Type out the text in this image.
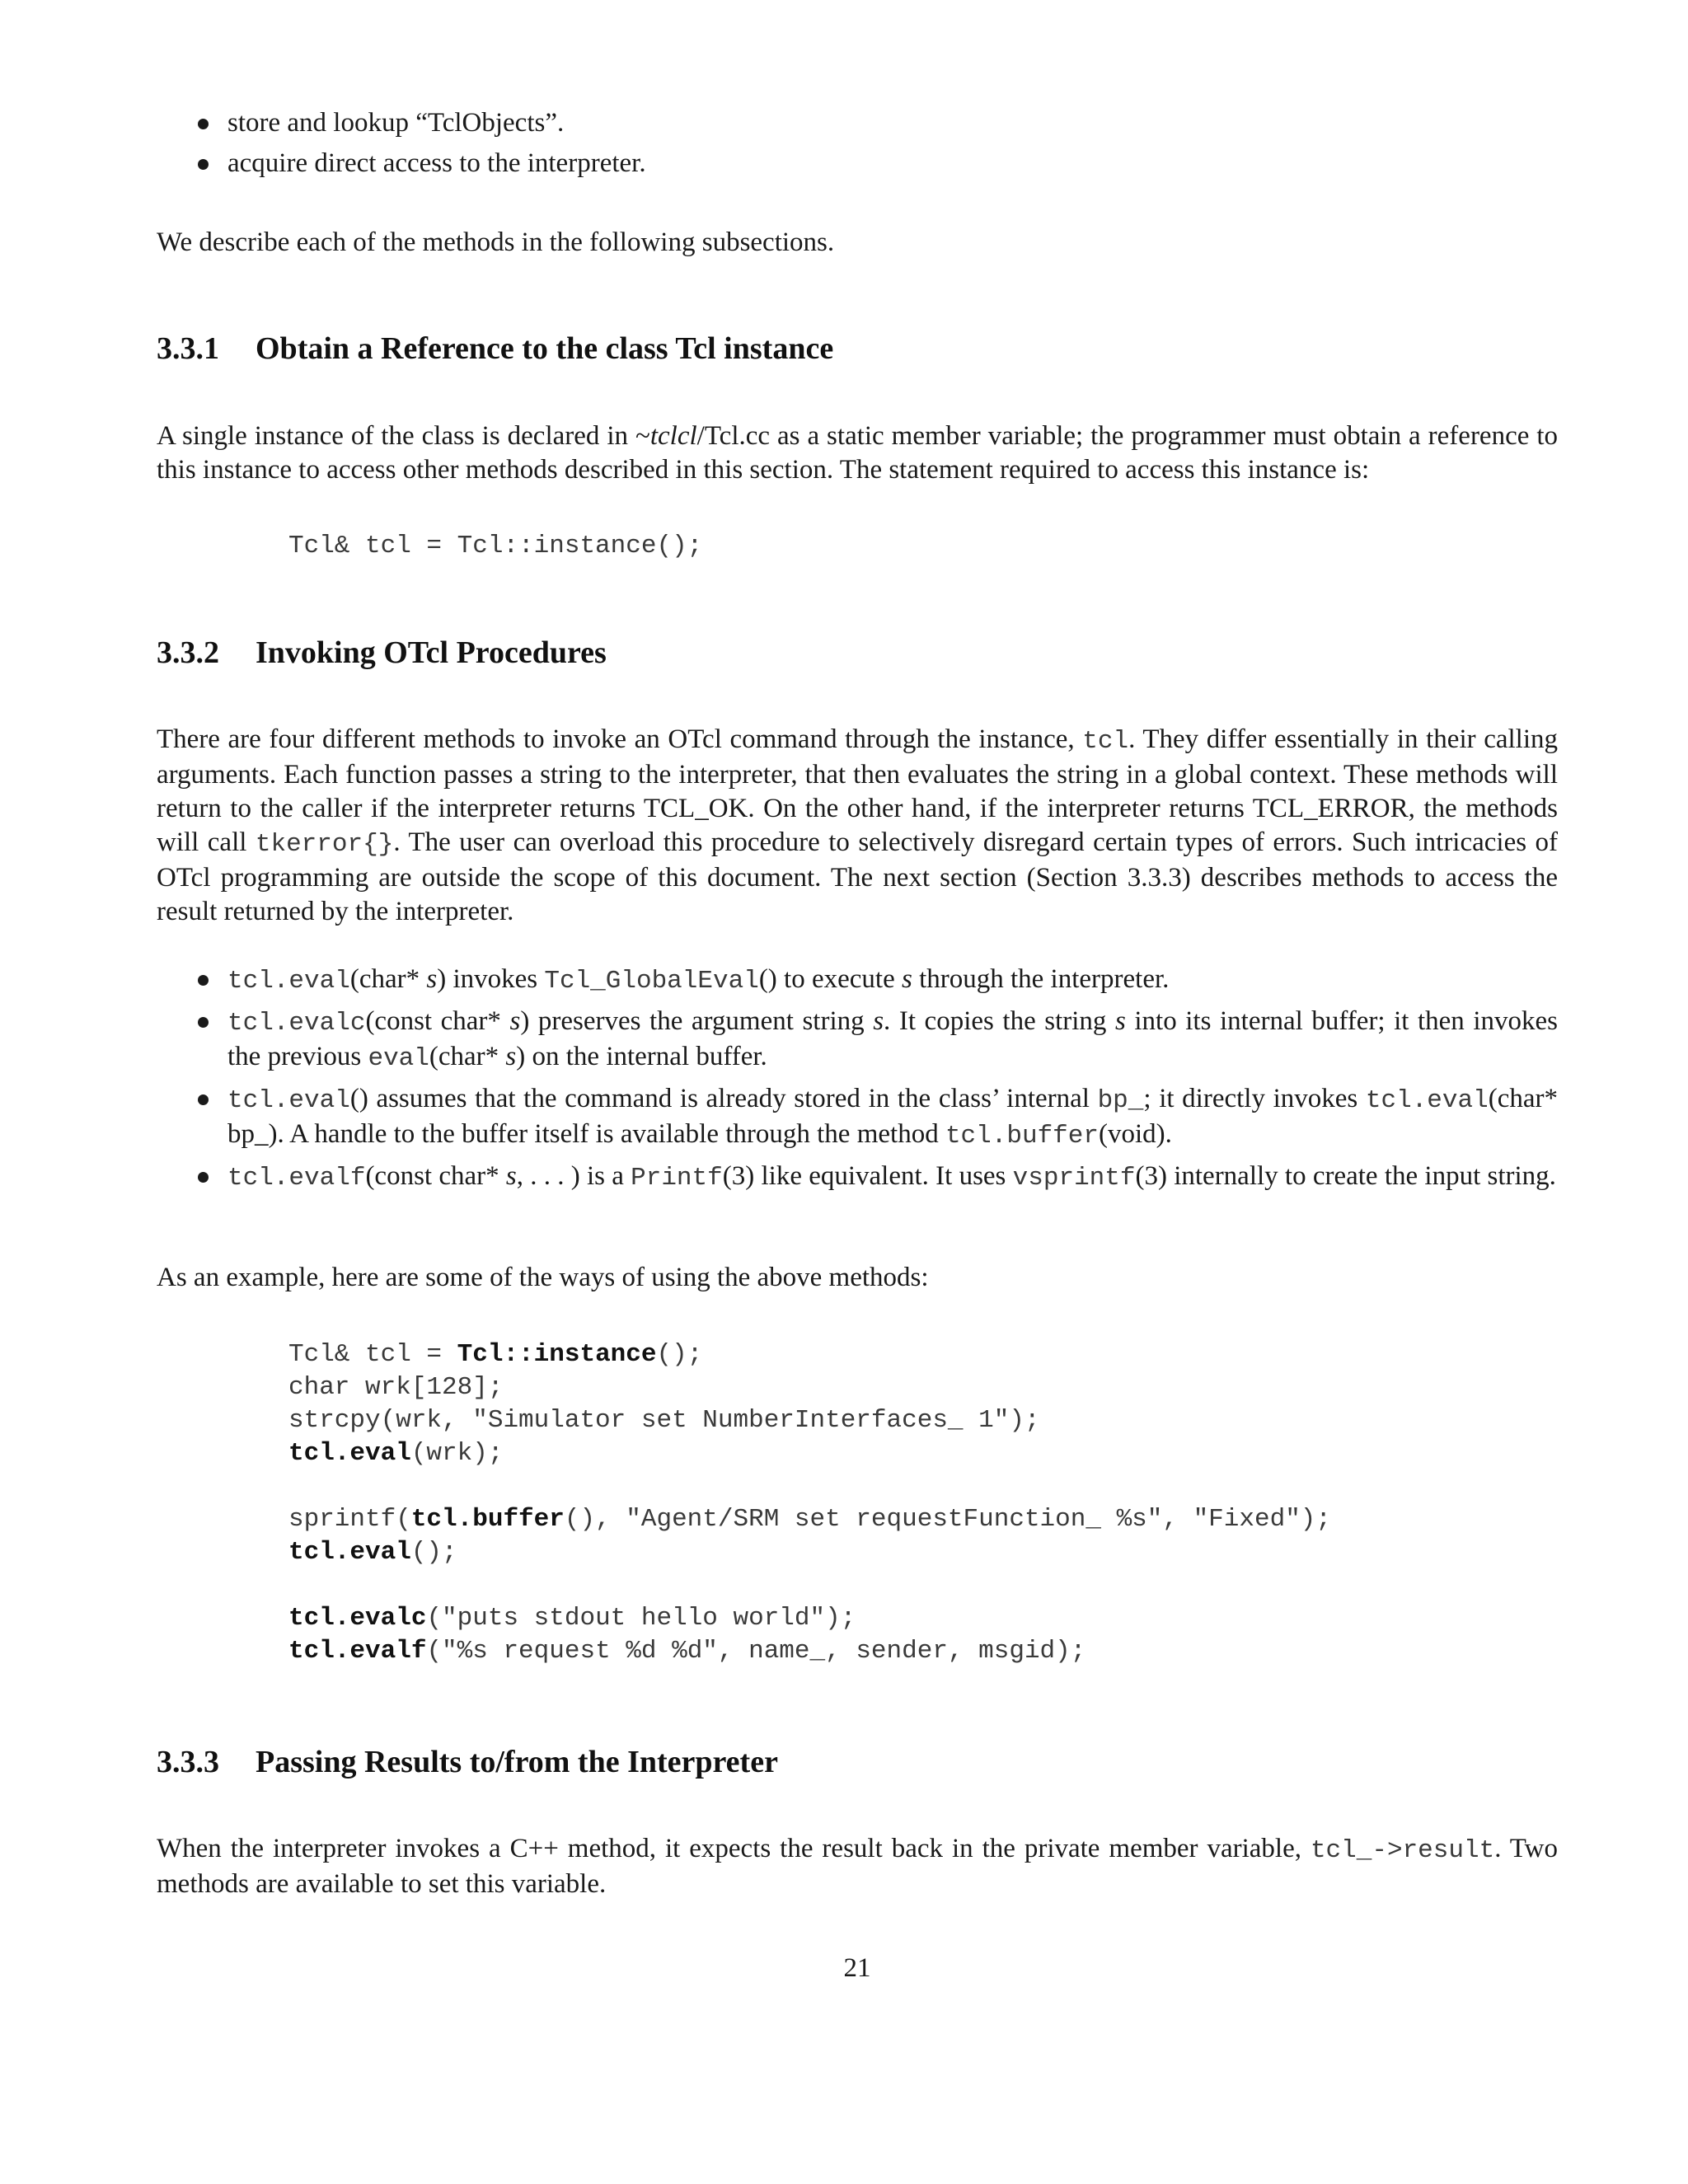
store and lookup “TclObjects”.
acquire direct access to the interpreter.
We describe each of the methods in the following subsections.
3.3.1 Obtain a Reference to the class Tcl instance
A single instance of the class is declared in ~tclcl/Tcl.cc as a static member variable; the programmer must obtain a reference to this instance to access other methods described in this section. The statement required to access this instance is:
Tcl& tcl = Tcl::instance();
3.3.2 Invoking OTcl Procedures
There are four different methods to invoke an OTcl command through the instance, tcl. They differ essentially in their calling arguments. Each function passes a string to the interpreter, that then evaluates the string in a global context. These methods will return to the caller if the interpreter returns TCL_OK. On the other hand, if the interpreter returns TCL_ERROR, the methods will call tkerror{}. The user can overload this procedure to selectively disregard certain types of errors. Such intricacies of OTcl programming are outside the scope of this document. The next section (Section 3.3.3) describes methods to access the result returned by the interpreter.
tcl.eval(char* s) invokes Tcl_GlobalEval() to execute s through the interpreter.
tcl.evalc(const char* s) preserves the argument string s. It copies the string s into its internal buffer; it then invokes the previous eval(char* s) on the internal buffer.
tcl.eval() assumes that the command is already stored in the class’ internal bp_; it directly invokes tcl.eval(char* bp_). A handle to the buffer itself is available through the method tcl.buffer(void).
tcl.evalf(const char* s, . . . ) is a Printf(3) like equivalent. It uses vsprintf(3) internally to create the input string.
As an example, here are some of the ways of using the above methods:
Tcl& tcl = Tcl::instance();
char wrk[128];
strcpy(wrk, "Simulator set NumberInterfaces_ 1");
tcl.eval(wrk);

sprintf(tcl.buffer(), "Agent/SRM set requestFunction_ %s", "Fixed");
tcl.eval();

tcl.evalc("puts stdout hello world");
tcl.evalf("%s request %d %d", name_, sender, msgid);
3.3.3 Passing Results to/from the Interpreter
When the interpreter invokes a C++ method, it expects the result back in the private member variable, tcl_->result. Two methods are available to set this variable.
21
